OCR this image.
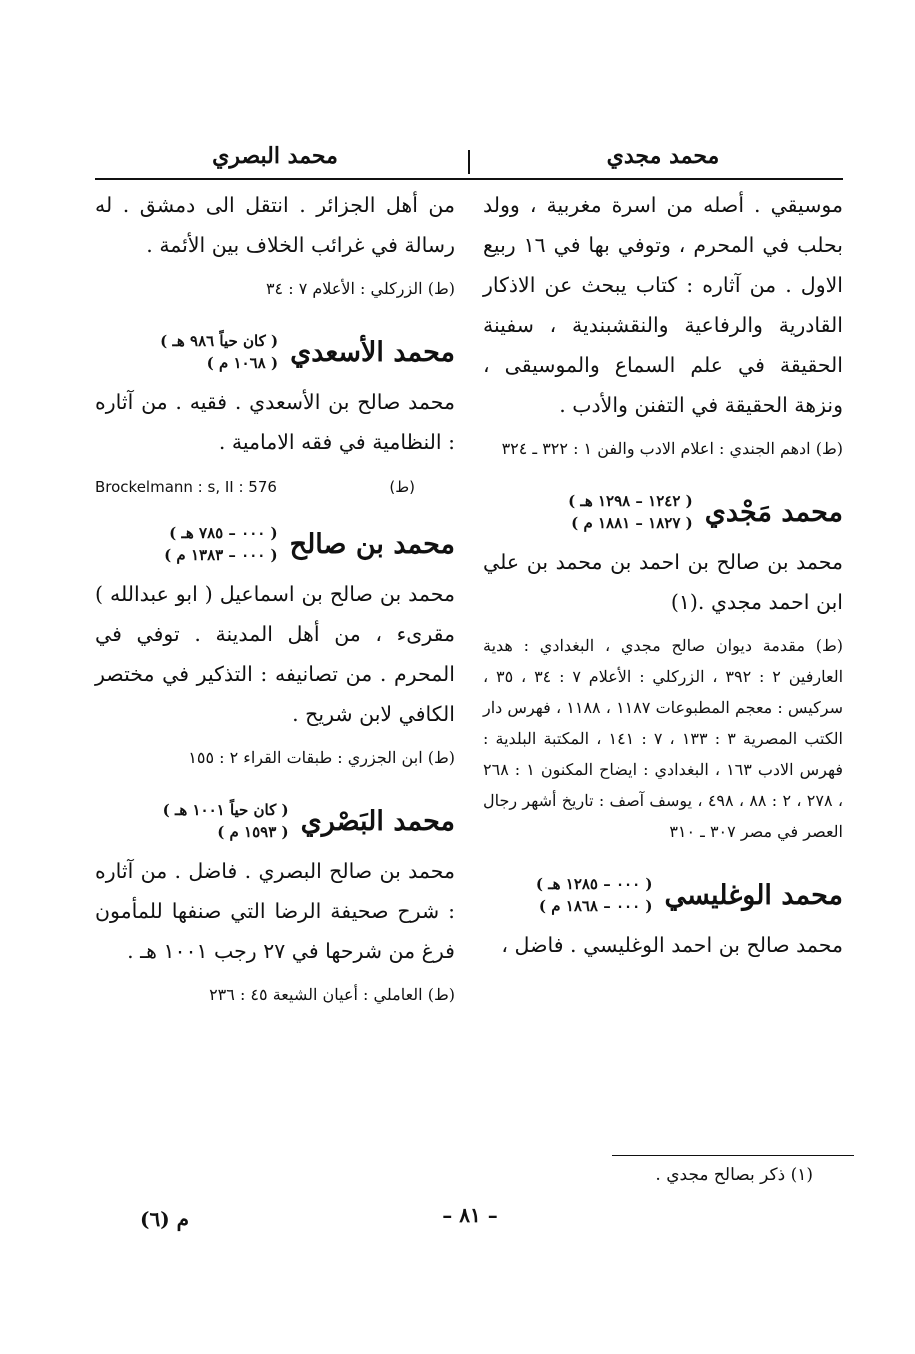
محمد مجدي
محمد البصري

موسيقي . أصله من اسرة مغربية ، وولد بحلب في المحرم ، وتوفي بها في ١٦ ربيع الاول . من آثاره : كتاب يبحث عن الاذكار القادرية والرفاعية والنقشبندية ، سفينة الحقيقة في علم السماع والموسيقى ، ونزهة الحقيقة في التفنن والأدب .

(ط) ادهم الجندي : اعلام الادب والفن ١ : ٣٢٢ ـ ٣٢٤

محمد مَجْدي
( ١٢٤٢ – ١٢٩٨ هـ )
( ١٨٢٧ – ١٨٨١ م )

محمد بن صالح بن احمد بن محمد بن علي ابن احمد مجدي .(١)

(ط) مقدمة ديوان صالح مجدي ، البغدادي : هدية العارفين ٢ : ٣٩٢ ، الزركلي : الأعلام ٧ : ٣٤ ، ٣٥ ، سركيس : معجم المطبوعات ١١٨٧ ، ١١٨٨ ، فهرس دار الكتب المصرية ٣ : ١٣٣ ، ٧ : ١٤١ ، المكتبة البلدية : فهرس الادب ١٦٣ ، البغدادي : ايضاح المكنون ١ : ٢٦٨ ، ٢٧٨ ، ٢ : ٨٨ ، ٤٩٨ ، يوسف آصف : تاريخ أشهر رجال العصر في مصر ٣٠٧ ـ ٣١٠

محمد الوغليسي
( ٠٠٠ – ١٢٨٥ هـ )
( ٠٠٠ – ١٨٦٨ م )

محمد صالح بن احمد الوغليسي . فاضل ،

(١) ذكر بصالح مجدي .

من أهل الجزائر . انتقل الى دمشق . له رسالة في غرائب الخلاف بين الأئمة .

(ط) الزركلي : الأعلام ٧ : ٣٤

محمد الأسعدي
( كان حياً ٩٨٦ هـ )
( ١٠٦٨ م )

محمد صالح بن الأسعدي . فقيه . من آثاره : النظامية في فقه الامامية .

Brockelmann : s, II : 576	(ط)
محمد بن صالح
( ٠٠٠ – ٧٨٥ هـ )
( ٠٠٠ – ١٣٨٣ م )

محمد بن صالح بن اسماعيل ( ابو عبدالله ) مقرىء ، من أهل المدينة . توفي في المحرم . من تصانيفه : التذكير في مختصر الكافي لابن شريح .

(ط) ابن الجزري : طبقات القراء ٢ : ١٥٥

محمد البَصْري
( كان حياً ١٠٠١ هـ )
( ١٥٩٣ م )

محمد بن صالح البصري . فاضل . من آثاره : شرح صحيفة الرضا التي صنفها للمأمون فرغ من شرحها في ٢٧ رجب ١٠٠١ هـ .

(ط) العاملي : أعيان الشيعة ٤٥ : ٢٣٦

– ٨١ –
م (٦)
